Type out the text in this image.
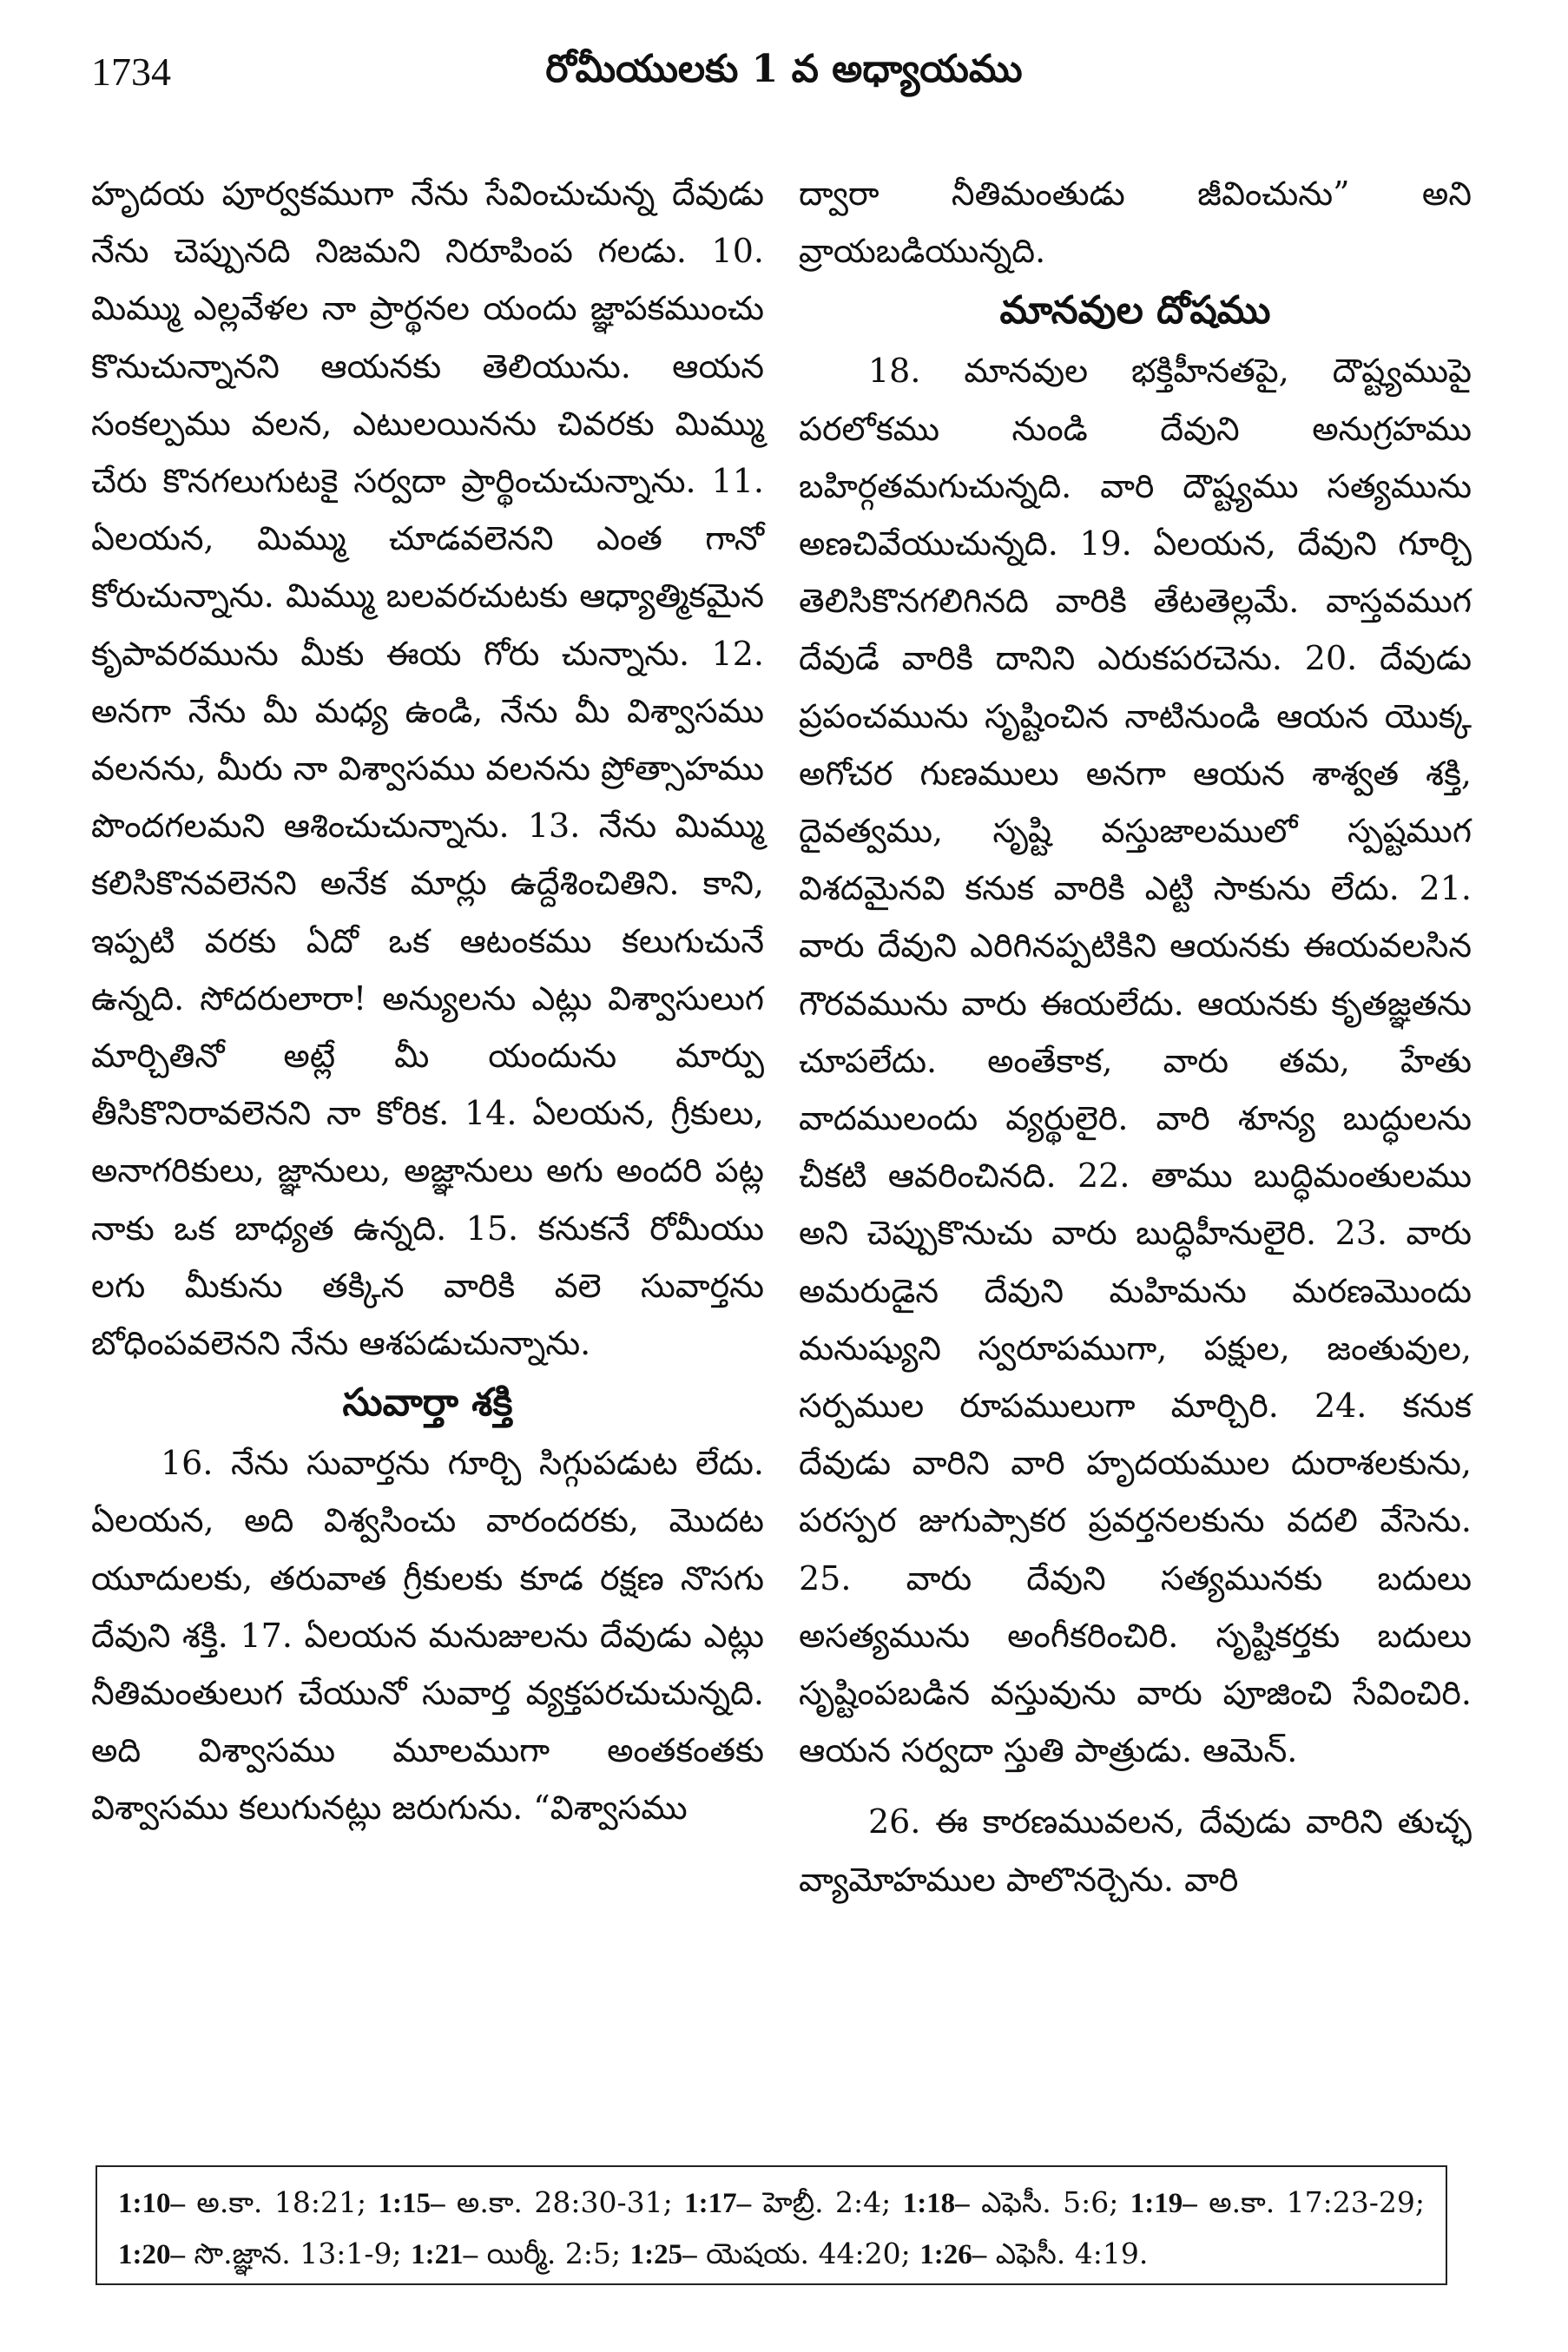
1734	రోమీయులకు 1 వ అధ్యాయము

హృదయ పూర్వకముగా నేను సేవించుచున్న దేవుడు నేను చెప్పునది నిజమని నిరూపింప గలడు. 10. మిమ్ము ఎల్లవేళల నా ప్రార్థనల యందు జ్ఞాపకముంచు కొనుచున్నానని ఆయనకు తెలియును. ఆయన సంకల్పము వలన, ఎటులయినను చివరకు మిమ్ము చేరు కొనగలుగుటకై సర్వదా ప్రార్థించుచున్నాను. 11. ఏలయన, మిమ్ము చూడవలెనని ఎంత గానో కోరుచున్నాను. మిమ్ము బలవరచుటకు ఆధ్యాత్మికమైన కృపావరమును మీకు ఈయ గోరు చున్నాను. 12. అనగా నేను మీ మధ్య ఉండి, నేను మీ విశ్వాసము వలనను, మీరు నా విశ్వాసము వలనను ప్రోత్సాహము పొందగలమని ఆశించుచున్నాను. 13. నేను మిమ్ము కలిసికొనవలెనని అనేక మార్లు ఉద్దేశించితిని. కాని, ఇప్పటి వరకు ఏదో ఒక ఆటంకము కలుగుచునే ఉన్నది. సోదరులారా! అన్యులను ఎట్లు విశ్వాసులుగ మార్చితినో అట్లే మీ యందును మార్పు తీసికొనిరావలెనని నా కోరిక. 14. ఏలయన, గ్రీకులు, అనాగరికులు, జ్ఞానులు, అజ్ఞానులు అగు అందరి పట్ల నాకు ఒక బాధ్యత ఉన్నది. 15. కనుకనే రోమీయు లగు మీకును తక్కిన వారికి వలె సువార్తను బోధింపవలెనని నేను ఆశపడుచున్నాను.

సువార్తా శక్తి

16. నేను సువార్తను గూర్చి సిగ్గుపడుట లేదు. ఏలయన, అది విశ్వసించు వారందరకు, మొదట యూదులకు, తరువాత గ్రీకులకు కూడ రక్షణ నొసగు దేవుని శక్తి. 17. ఏలయన మనుజులను దేవుడు ఎట్లు నీతిమంతులుగ చేయునో సువార్త వ్యక్తపరచుచున్నది. అది విశ్వాసము మూలముగా అంతకంతకు విశ్వాసము కలుగునట్లు జరుగును. “విశ్వాసము

ద్వారా నీతిమంతుడు జీవించును” అని వ్రాయబడియున్నది.

మానవుల దోషము

18. మానవుల భక్తిహీనతపై, దౌష్ట్యముపై పరలోకము నుండి దేవుని అనుగ్రహము బహిర్గతమగుచున్నది. వారి దౌష్ట్యము సత్యమును అణచివేయుచున్నది. 19. ఏలయన, దేవుని గూర్చి తెలిసికొనగలిగినది వారికి తేటతెల్లమే. వాస్తవముగ దేవుడే వారికి దానిని ఎరుకపరచెను. 20. దేవుడు ప్రపంచమును సృష్టించిన నాటినుండి ఆయన యొక్క అగోచర గుణములు అనగా ఆయన శాశ్వత శక్తి, దైవత్వము, సృష్టి వస్తుజాలములో స్పష్టముగ విశదమైనవి కనుక వారికి ఎట్టి సాకును లేదు. 21. వారు దేవుని ఎరిగినప్పటికిని ఆయనకు ఈయవలసిన గౌరవమును వారు ఈయలేదు. ఆయనకు కృతజ్ఞతను చూపలేదు. అంతేకాక, వారు తమ, హేతు వాదములందు వ్యర్థులైరి. వారి శూన్య బుద్ధులను చీకటి ఆవరించినది. 22. తాము బుద్ధిమంతులము అని చెప్పుకొనుచు వారు బుద్ధిహీనులైరి. 23. వారు అమరుడైన దేవుని మహిమను మరణమొందు మనుష్యుని స్వరూపముగా, పక్షుల, జంతువుల, సర్పముల రూపములుగా మార్చిరి. 24. కనుక దేవుడు వారిని వారి హృదయముల దురాశలకును, పరస్పర జుగుప్సాకర ప్రవర్తనలకును వదలి వేసెను. 25. వారు దేవుని సత్యమునకు బదులు అసత్యమును అంగీకరించిరి. సృష్టికర్తకు బదులు సృష్టింపబడిన వస్తువును వారు పూజించి సేవించిరి. ఆయన సర్వదా స్తుతి పాత్రుడు. ఆమెన్.

26. ఈ కారణమువలన, దేవుడు వారిని తుచ్ఛ వ్యామోహముల పాలొనర్చెను. వారి

1:10– అ.కా. 18:21; 1:15– అ.కా. 28:30-31; 1:17– హెబ్రీ. 2:4; 1:18– ఎఫెసీ. 5:6; 1:19– అ.కా. 17:23-29; 1:20– సొ.జ్ఞాన. 13:1-9; 1:21– యిర్మీ. 2:5; 1:25– యెషయ. 44:20; 1:26– ఎఫెసీ. 4:19.
